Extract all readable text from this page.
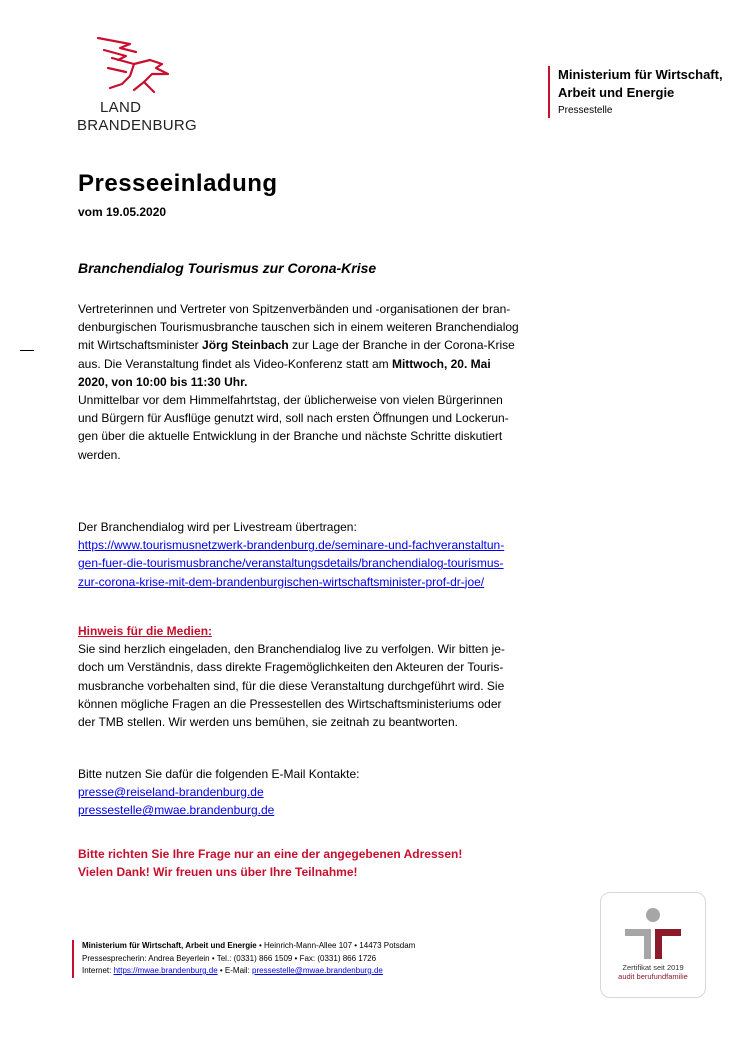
LAND
BRANDENBURG
Ministerium für Wirtschaft,
Arbeit und Energie
Pressestelle
Presseeinladung
vom 19.05.2020
Branchendialog Tourismus zur Corona-Krise
Vertreterinnen und Vertreter von Spitzenverbänden und -organisationen der bran-
denburgischen Tourismusbranche tauschen sich in einem weiteren Branchendialog
mit Wirtschaftsminister Jörg Steinbach zur Lage der Branche in der Corona-Krise
aus. Die Veranstaltung findet als Video-Konferenz statt am Mittwoch, 20. Mai
2020, von 10:00 bis 11:30 Uhr.
Unmittelbar vor dem Himmelfahrtstag, der üblicherweise von vielen Bürgerinnen
und Bürgern für Ausflüge genutzt wird, soll nach ersten Öffnungen und Lockerun-
gen über die aktuelle Entwicklung in der Branche und nächste Schritte diskutiert
werden.
Der Branchendialog wird per Livestream übertragen:
https://www.tourismusnetzwerk-brandenburg.de/seminare-und-fachveranstaltun-
gen-fuer-die-tourismusbranche/veranstaltungsdetails/branchendialog-tourismus-
zur-corona-krise-mit-dem-brandenburgischen-wirtschaftsminister-prof-dr-joe/
Hinweis für die Medien:
Sie sind herzlich eingeladen, den Branchendialog live zu verfolgen. Wir bitten je-
doch um Verständnis, dass direkte Fragemöglichkeiten den Akteuren der Touris-
musbranche vorbehalten sind, für die diese Veranstaltung durchgeführt wird. Sie
können mögliche Fragen an die Pressestellen des Wirtschaftsministeriums oder
der TMB stellen. Wir werden uns bemühen, sie zeitnah zu beantworten.
Bitte nutzen Sie dafür die folgenden E-Mail Kontakte:
presse@reiseland-brandenburg.de
pressestelle@mwae.brandenburg.de
Bitte richten Sie Ihre Frage nur an eine der angegebenen Adressen!
Vielen Dank! Wir freuen uns über Ihre Teilnahme!
Ministerium für Wirtschaft, Arbeit und Energie • Heinrich-Mann-Allee 107 • 14473 Potsdam
Pressesprecherin: Andrea Beyerlein • Tel.: (0331) 866 1509 • Fax: (0331) 866 1726
Internet: https://mwae.brandenburg.de • E-Mail: pressestelle@mwae.brandenburg.de	Zertifikat seit 2019
audit berufundfamilie
